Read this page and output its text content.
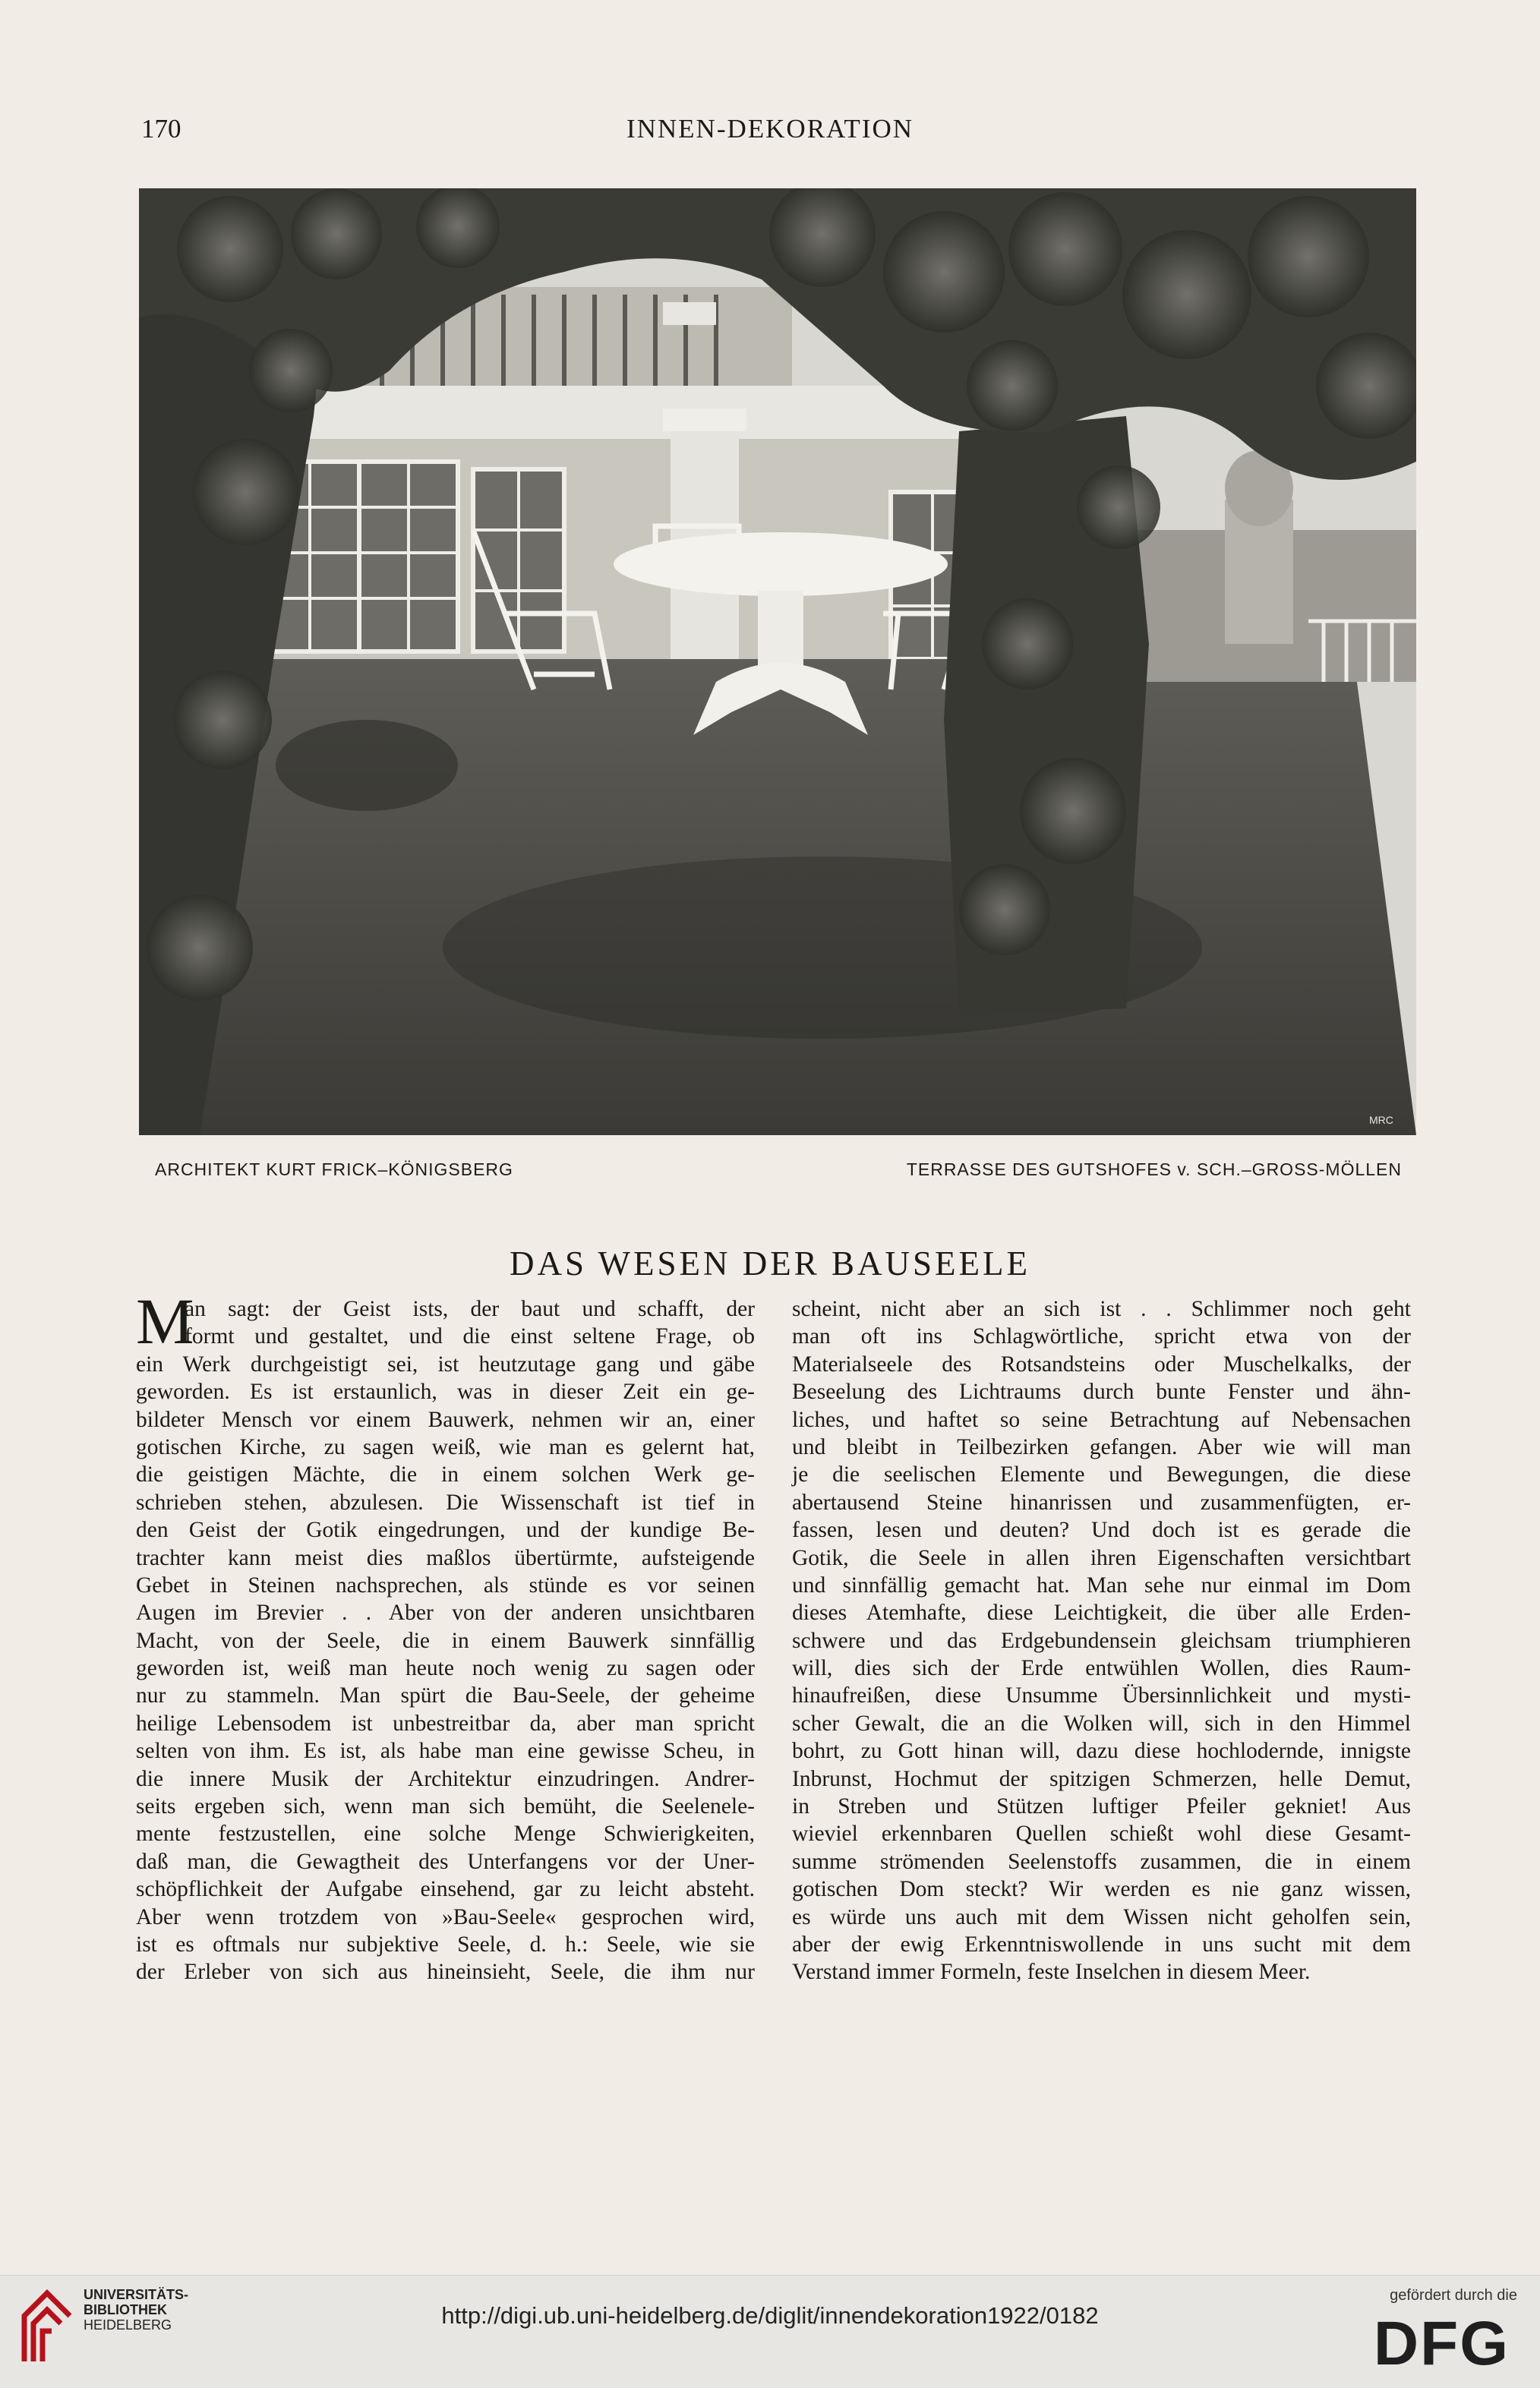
170	INNEN-DEKORATION
MRC
ARCHITEKT KURT FRICK–KÖNIGSBERG	TERRASSE DES GUTSHOFES v. SCH.–GROSS-MÖLLEN
DAS WESEN DER BAUSEELE
M
an sagt: der Geist ists, der baut und schafft, der
formt und gestaltet, und die einst seltene Frage, ob
ein Werk durchgeistigt sei, ist heutzutage gang und gäbe
geworden. Es ist erstaunlich, was in dieser Zeit ein ge-
bildeter Mensch vor einem Bauwerk, nehmen wir an, einer
gotischen Kirche, zu sagen weiß, wie man es gelernt hat,
die geistigen Mächte, die in einem solchen Werk ge-
schrieben stehen, abzulesen. Die Wissenschaft ist tief in
den Geist der Gotik eingedrungen, und der kundige Be-
trachter kann meist dies maßlos übertürmte, aufsteigende
Gebet in Steinen nachsprechen, als stünde es vor seinen
Augen im Brevier . . Aber von der anderen unsichtbaren
Macht, von der Seele, die in einem Bauwerk sinnfällig
geworden ist, weiß man heute noch wenig zu sagen oder
nur zu stammeln. Man spürt die Bau-Seele, der geheime
heilige Lebensodem ist unbestreitbar da, aber man spricht
selten von ihm. Es ist, als habe man eine gewisse Scheu, in
die innere Musik der Architektur einzudringen. Andrer-
seits ergeben sich, wenn man sich bemüht, die Seelenele-
mente festzustellen, eine solche Menge Schwierigkeiten,
daß man, die Gewagtheit des Unterfangens vor der Uner-
schöpflichkeit der Aufgabe einsehend, gar zu leicht absteht.
Aber wenn trotzdem von »Bau-Seele« gesprochen wird,
ist es oftmals nur subjektive Seele, d. h.: Seele, wie sie
der Erleber von sich aus hineinsieht, Seele, die ihm nur
scheint, nicht aber an sich ist . . Schlimmer noch geht
man oft ins Schlagwörtliche, spricht etwa von der
Materialseele des Rotsandsteins oder Muschelkalks, der
Beseelung des Lichtraums durch bunte Fenster und ähn-
liches, und haftet so seine Betrachtung auf Nebensachen
und bleibt in Teilbezirken gefangen. Aber wie will man
je die seelischen Elemente und Bewegungen, die diese
abertausend Steine hinanrissen und zusammenfügten, er-
fassen, lesen und deuten? Und doch ist es gerade die
Gotik, die Seele in allen ihren Eigenschaften versichtbart
und sinnfällig gemacht hat. Man sehe nur einmal im Dom
dieses Atemhafte, diese Leichtigkeit, die über alle Erden-
schwere und das Erdgebundensein gleichsam triumphieren
will, dies sich der Erde entwühlen Wollen, dies Raum-
hinaufreißen, diese Unsumme Übersinnlichkeit und mysti-
scher Gewalt, die an die Wolken will, sich in den Himmel
bohrt, zu Gott hinan will, dazu diese hochlodernde, innigste
Inbrunst, Hochmut der spitzigen Schmerzen, helle Demut,
in Streben und Stützen luftiger Pfeiler gekniet! Aus
wieviel erkennbaren Quellen schießt wohl diese Gesamt-
summe strömenden Seelenstoffs zusammen, die in einem
gotischen Dom steckt? Wir werden es nie ganz wissen,
es würde uns auch mit dem Wissen nicht geholfen sein,
aber der ewig Erkenntniswollende in uns sucht mit dem
Verstand immer Formeln, feste Inselchen in diesem Meer.
UNIVERSITÄTS-
BIBLIOTHEK
HEIDELBERG	http://digi.ub.uni-heidelberg.de/diglit/innendekoration1922/0182
gefördert durch die
DFG
